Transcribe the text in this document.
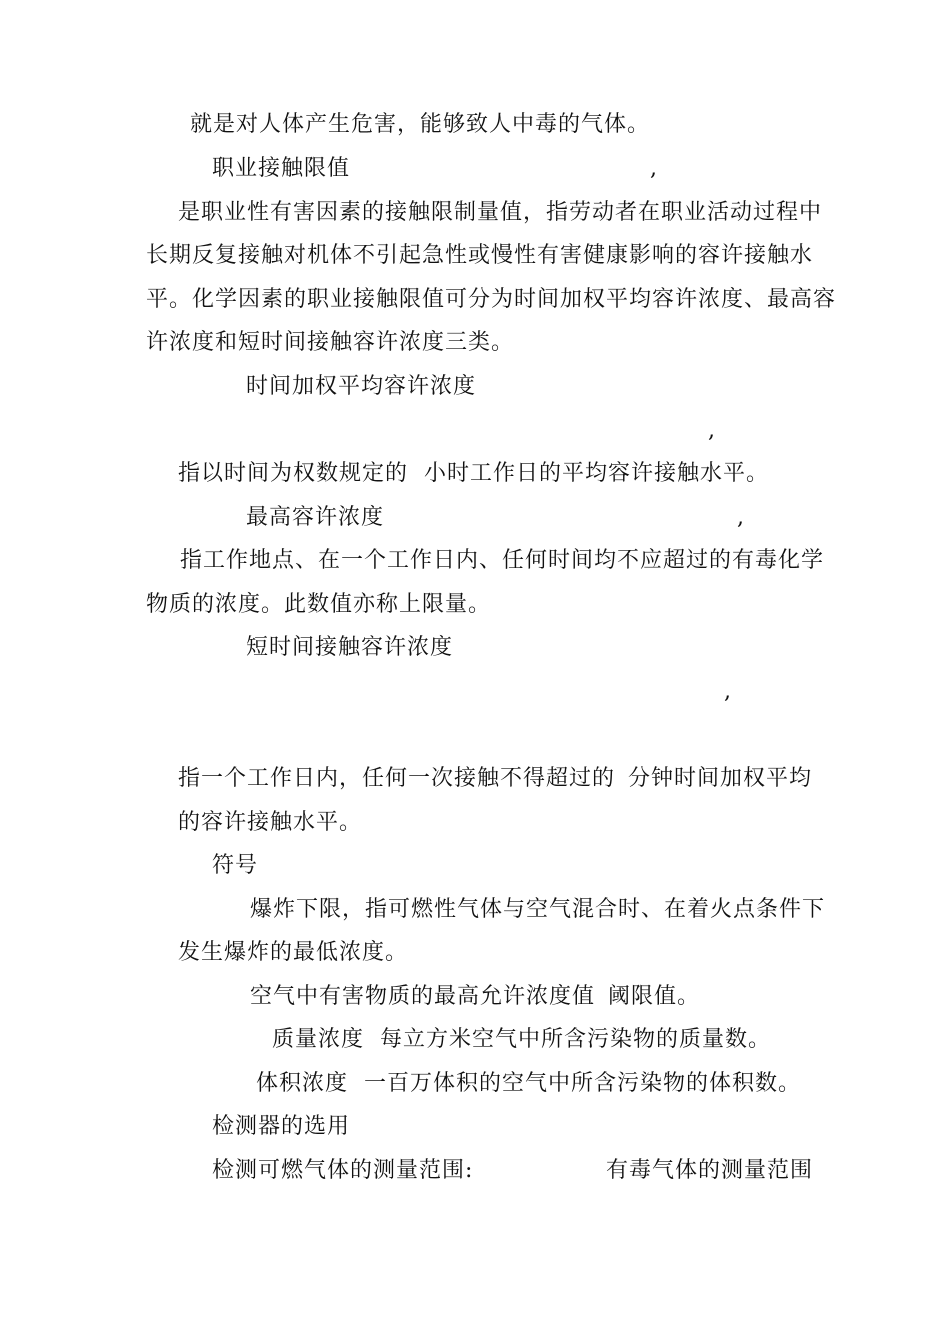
就是对人体产生危害，能够致人中毒的气体。
职业接触限值	,
是职业性有害因素的接触限制量值，指劳动者在职业活动过程中
长期反复接触对机体不引起急性或慢性有害健康影响的容许接触水
平。化学因素的职业接触限值可分为时间加权平均容许浓度、最高容
许浓度和短时间接触容许浓度三类。
时间加权平均容许浓度
,
指以时间为权数规定的 小时工作日的平均容许接触水平。
最高容许浓度	,
指工作地点、在一个工作日内、任何时间均不应超过的有毒化学
物质的浓度。此数值亦称上限量。
短时间接触容许浓度
,
指一个工作日内，任何一次接触不得超过的 分钟时间加权平均
的容许接触水平。
符号
爆炸下限，指可燃性气体与空气混合时、在着火点条件下
发生爆炸的最低浓度。
空气中有害物质的最高允许浓度值 阈限值。
质量浓度  每立方米空气中所含污染物的质量数。
体积浓度  一百万体积的空气中所含污染物的体积数。
检测器的选用
检测可燃气体的测量范围:	有毒气体的测量范围
